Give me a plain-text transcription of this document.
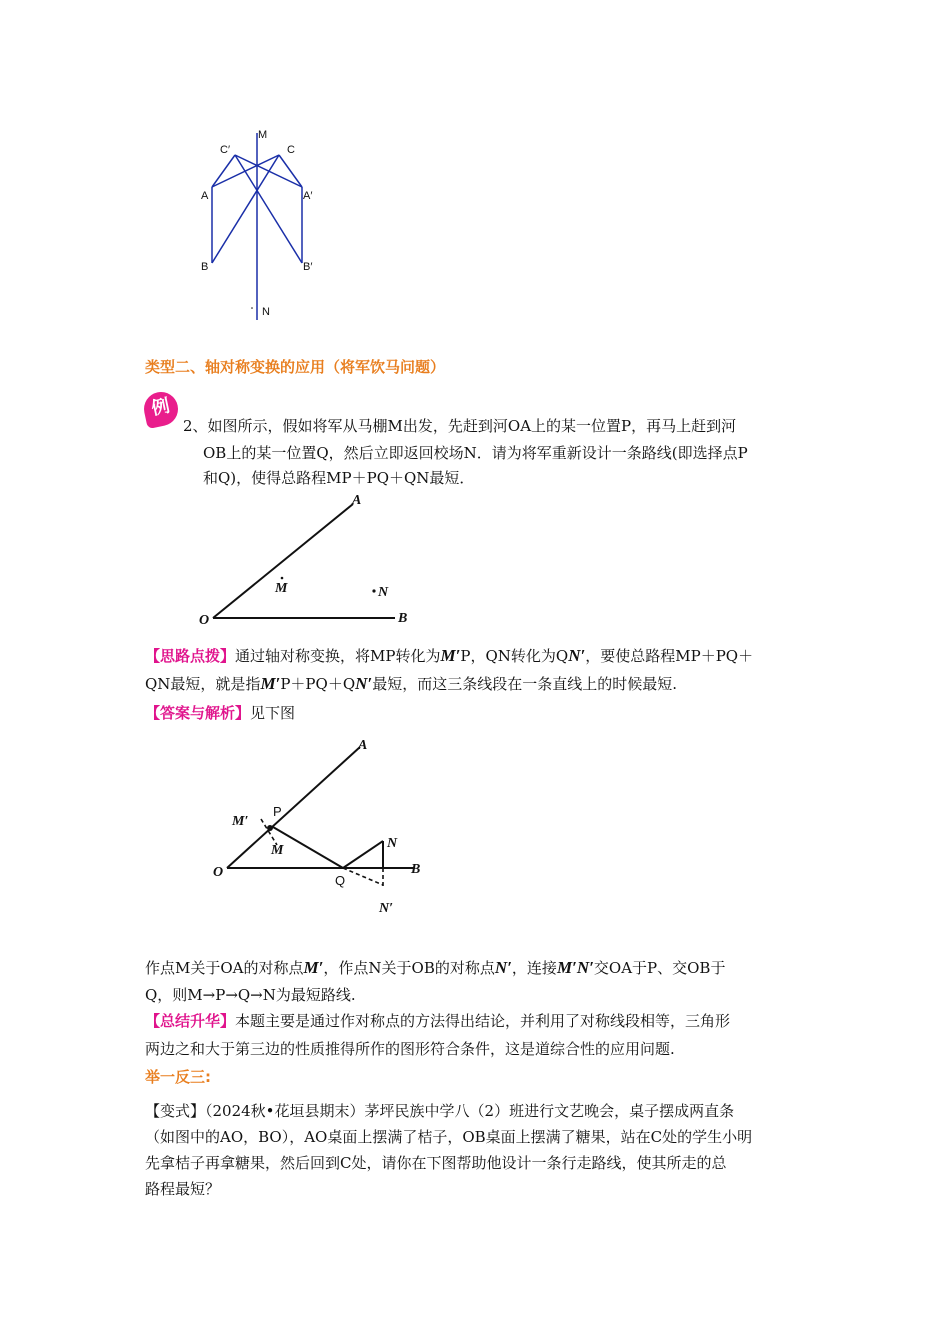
M
N
C′	C
A	A′
B	B′
类型二、轴对称变换的应用（将军饮马问题）
例
2、如图所示，假如将军从马棚M出发，先赶到河OA上的某一位置P，再马上赶到河
OB上的某一位置Q，然后立即返回校场N．请为将军重新设计一条路线(即选择点P
和Q)，使得总路程MP＋PQ＋QN最短．
A
B
O
M	N
【思路点拨】通过轴对称变换，将MP转化为M′P，QN转化为QN′，要使总路程MP＋PQ＋
QN最短，就是指M′P＋PQ＋QN′最短，而这三条线段在一条直线上的时候最短.
【答案与解析】见下图
A
B
O
M′
P
M
Q
N
N′
作点M关于OA的对称点M′，作点N关于OB的对称点N′，连接M′N′交OA于P、交OB于
Q，则M→P→Q→N为最短路线.
【总结升华】本题主要是通过作对称点的方法得出结论，并利用了对称线段相等，三角形
两边之和大于第三边的性质推得所作的图形符合条件，这是道综合性的应用问题.
举一反三:
【变式】（2024秋•花垣县期末）茅坪民族中学八（2）班进行文艺晚会，桌子摆成两直条
（如图中的AO，BO），AO桌面上摆满了桔子，OB桌面上摆满了糖果，站在C处的学生小明
先拿桔子再拿糖果，然后回到C处，请你在下图帮助他设计一条行走路线，使其所走的总
路程最短？
